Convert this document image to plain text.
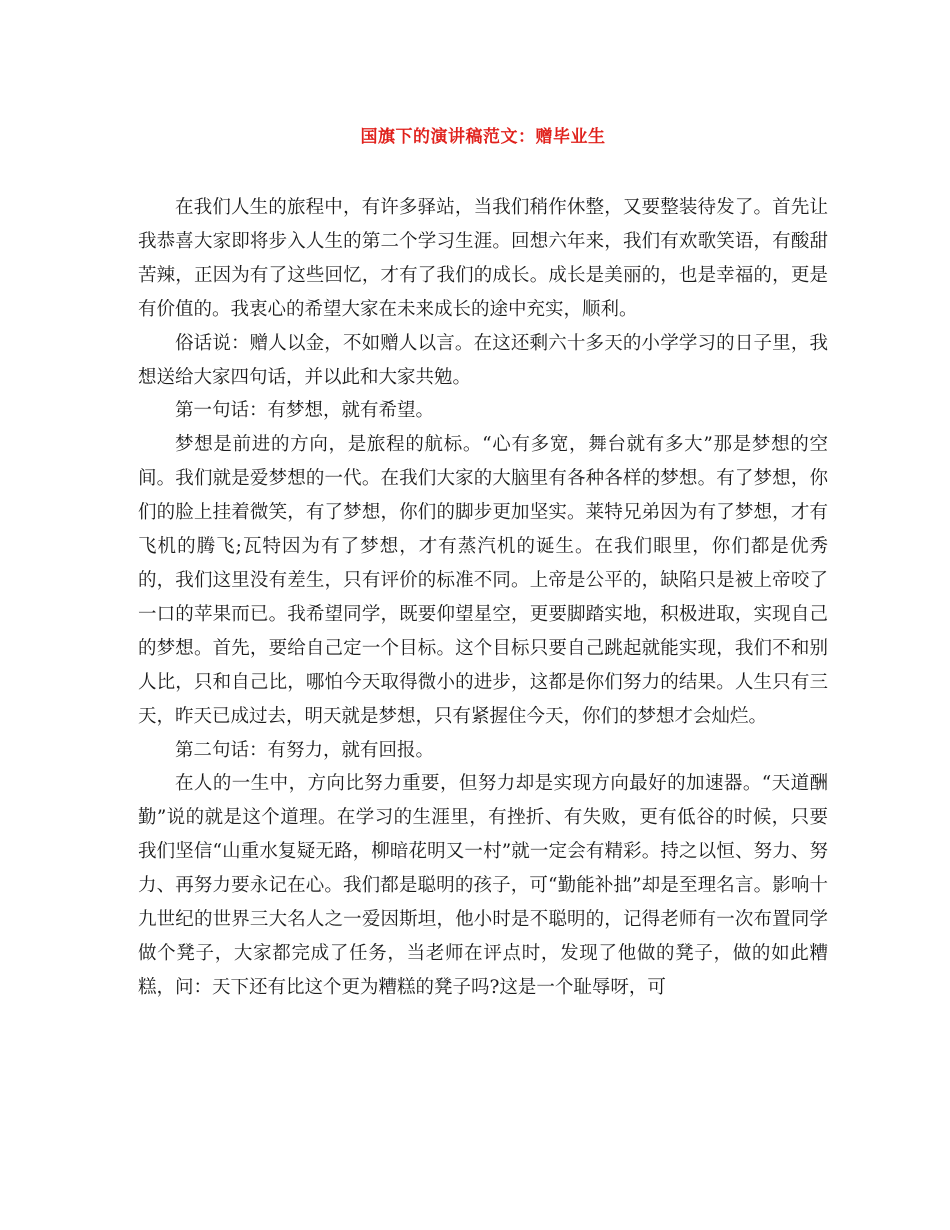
国旗下的演讲稿范文：赠毕业生

在我们人生的旅程中，有许多驿站，当我们稍作休整，又要整装待发了。首先让我恭喜大家即将步入人生的第二个学习生涯。回想六年来，我们有欢歌笑语，有酸甜苦辣，正因为有了这些回忆，才有了我们的成长。成长是美丽的，也是幸福的，更是有价值的。我衷心的希望大家在未来成长的途中充实，顺利。

俗话说：赠人以金，不如赠人以言。在这还剩六十多天的小学学习的日子里，我想送给大家四句话，并以此和大家共勉。

第一句话：有梦想，就有希望。

梦想是前进的方向，是旅程的航标。“心有多宽，舞台就有多大”那是梦想的空间。我们就是爱梦想的一代。在我们大家的大脑里有各种各样的梦想。有了梦想，你们的脸上挂着微笑，有了梦想，你们的脚步更加坚实。莱特兄弟因为有了梦想，才有飞机的腾飞;瓦特因为有了梦想，才有蒸汽机的诞生。在我们眼里，你们都是优秀的，我们这里没有差生，只有评价的标准不同。上帝是公平的，缺陷只是被上帝咬了一口的苹果而已。我希望同学，既要仰望星空，更要脚踏实地，积极进取，实现自己的梦想。首先，要给自己定一个目标。这个目标只要自己跳起就能实现，我们不和别人比，只和自己比，哪怕今天取得微小的进步，这都是你们努力的结果。人生只有三天，昨天已成过去，明天就是梦想，只有紧握住今天，你们的梦想才会灿烂。

第二句话：有努力，就有回报。

在人的一生中，方向比努力重要，但努力却是实现方向最好的加速器。“天道酬勤”说的就是这个道理。在学习的生涯里，有挫折、有失败，更有低谷的时候，只要我们坚信“山重水复疑无路，柳暗花明又一村”就一定会有精彩。持之以恒、努力、努力、再努力要永记在心。我们都是聪明的孩子，可“勤能补拙”却是至理名言。影响十九世纪的世界三大名人之一爱因斯坦，他小时是不聪明的，记得老师有一次布置同学做个凳子，大家都完成了任务，当老师在评点时，发现了他做的凳子，做的如此糟糕，问：天下还有比这个更为糟糕的凳子吗?这是一个耻辱呀，可
